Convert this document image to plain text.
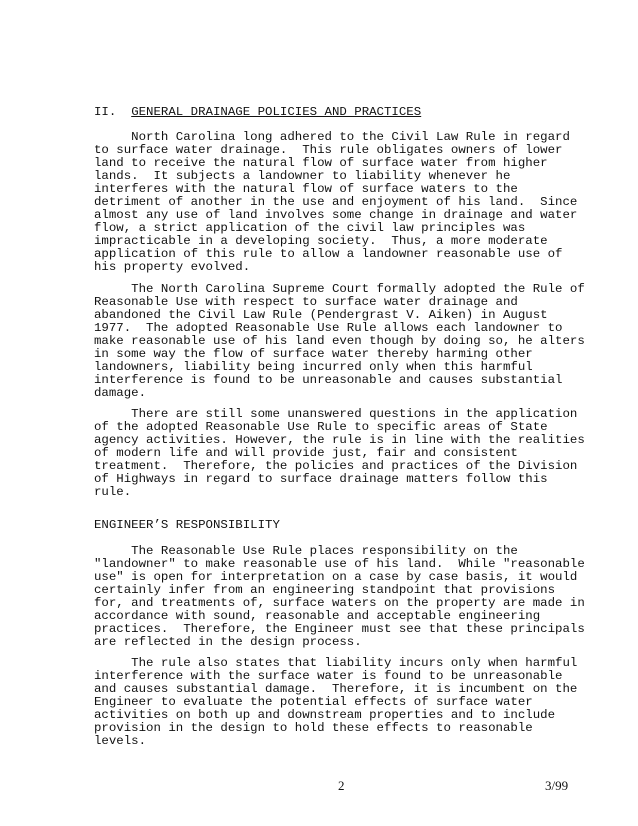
II. GENERAL DRAINAGE POLICIES AND PRACTICES
North Carolina long adhered to the Civil Law Rule in regard
to surface water drainage.  This rule obligates owners of lower
land to receive the natural flow of surface water from higher
lands.  It subjects a landowner to liability whenever he
interferes with the natural flow of surface waters to the
detriment of another in the use and enjoyment of his land.  Since
almost any use of land involves some change in drainage and water
flow, a strict application of the civil law principles was
impracticable in a developing society.  Thus, a more moderate
application of this rule to allow a landowner reasonable use of
his property evolved.
The North Carolina Supreme Court formally adopted the Rule of
Reasonable Use with respect to surface water drainage and
abandoned the Civil Law Rule (Pendergrast V. Aiken) in August
1977.  The adopted Reasonable Use Rule allows each landowner to
make reasonable use of his land even though by doing so, he alters
in some way the flow of surface water thereby harming other
landowners, liability being incurred only when this harmful
interference is found to be unreasonable and causes substantial
damage.
There are still some unanswered questions in the application
of the adopted Reasonable Use Rule to specific areas of State
agency activities. However, the rule is in line with the realities
of modern life and will provide just, fair and consistent
treatment.  Therefore, the policies and practices of the Division
of Highways in regard to surface drainage matters follow this
rule.
ENGINEER’S RESPONSIBILITY
The Reasonable Use Rule places responsibility on the
"landowner" to make reasonable use of his land.  While "reasonable
use" is open for interpretation on a case by case basis, it would
certainly infer from an engineering standpoint that provisions
for, and treatments of, surface waters on the property are made in
accordance with sound, reasonable and acceptable engineering
practices.  Therefore, the Engineer must see that these principals
are reflected in the design process.
The rule also states that liability incurs only when harmful
interference with the surface water is found to be unreasonable
and causes substantial damage.  Therefore, it is incumbent on the
Engineer to evaluate the potential effects of surface water
activities on both up and downstream properties and to include
provision in the design to hold these effects to reasonable
levels.
2	3/99
